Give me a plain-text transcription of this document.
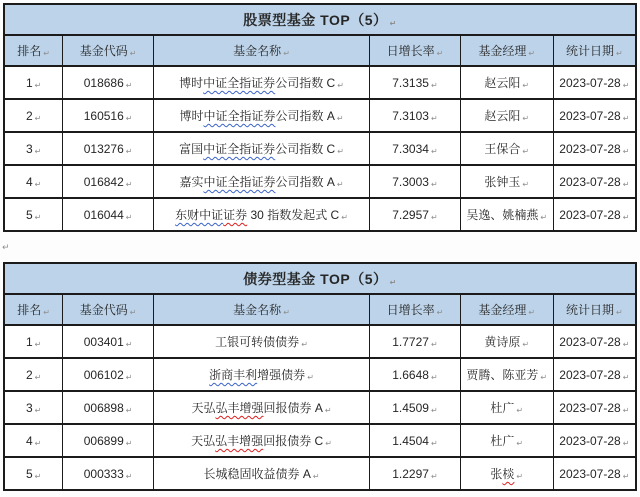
股票型基金 TOP（5） ↵					
排名 ↵	基金代码 ↵	基金名称 ↵	日增长率 ↵	基金经理 ↵	统计日期 ↵
1 ↵	018686 ↵	博时中证全指证券公司指数 C ↵	7.3135 ↵	赵云阳 ↵	2023-07-28 ↵
2 ↵	160516 ↵	博时中证全指证券公司指数 A ↵	7.3103 ↵	赵云阳 ↵	2023-07-28 ↵
3 ↵	013276 ↵	富国中证全指证券公司指数 C ↵	7.3034 ↵	王保合 ↵	2023-07-28 ↵
4 ↵	016842 ↵	嘉实中证全指证券公司指数 A ↵	7.3003 ↵	张钟玉 ↵	2023-07-28 ↵
5 ↵	016044 ↵	东财中证证券 30 指数发起式 C ↵	7.2957 ↵	吴逸、姚楠燕 ↵	2023-07-28 ↵
↵
债券型基金 TOP（5） ↵					
排名 ↵	基金代码 ↵	基金名称 ↵	日增长率 ↵	基金经理 ↵	统计日期 ↵
1 ↵	003401 ↵	工银可转债债券 ↵	1.7727 ↵	黄诗原 ↵	2023-07-28 ↵
2 ↵	006102 ↵	浙商丰利增强债券 ↵	1.6648 ↵	贾腾、陈亚芳 ↵	2023-07-28 ↵
3 ↵	006898 ↵	天弘弘丰增强回报债券 A ↵	1.4509 ↵	杜广 ↵	2023-07-28 ↵
4 ↵	006899 ↵	天弘弘丰增强回报债券 C ↵	1.4504 ↵	杜广 ↵	2023-07-28 ↵
5 ↵	000333 ↵	长城稳固收益债券 A ↵	1.2297 ↵	张棪 ↵	2023-07-28 ↵
